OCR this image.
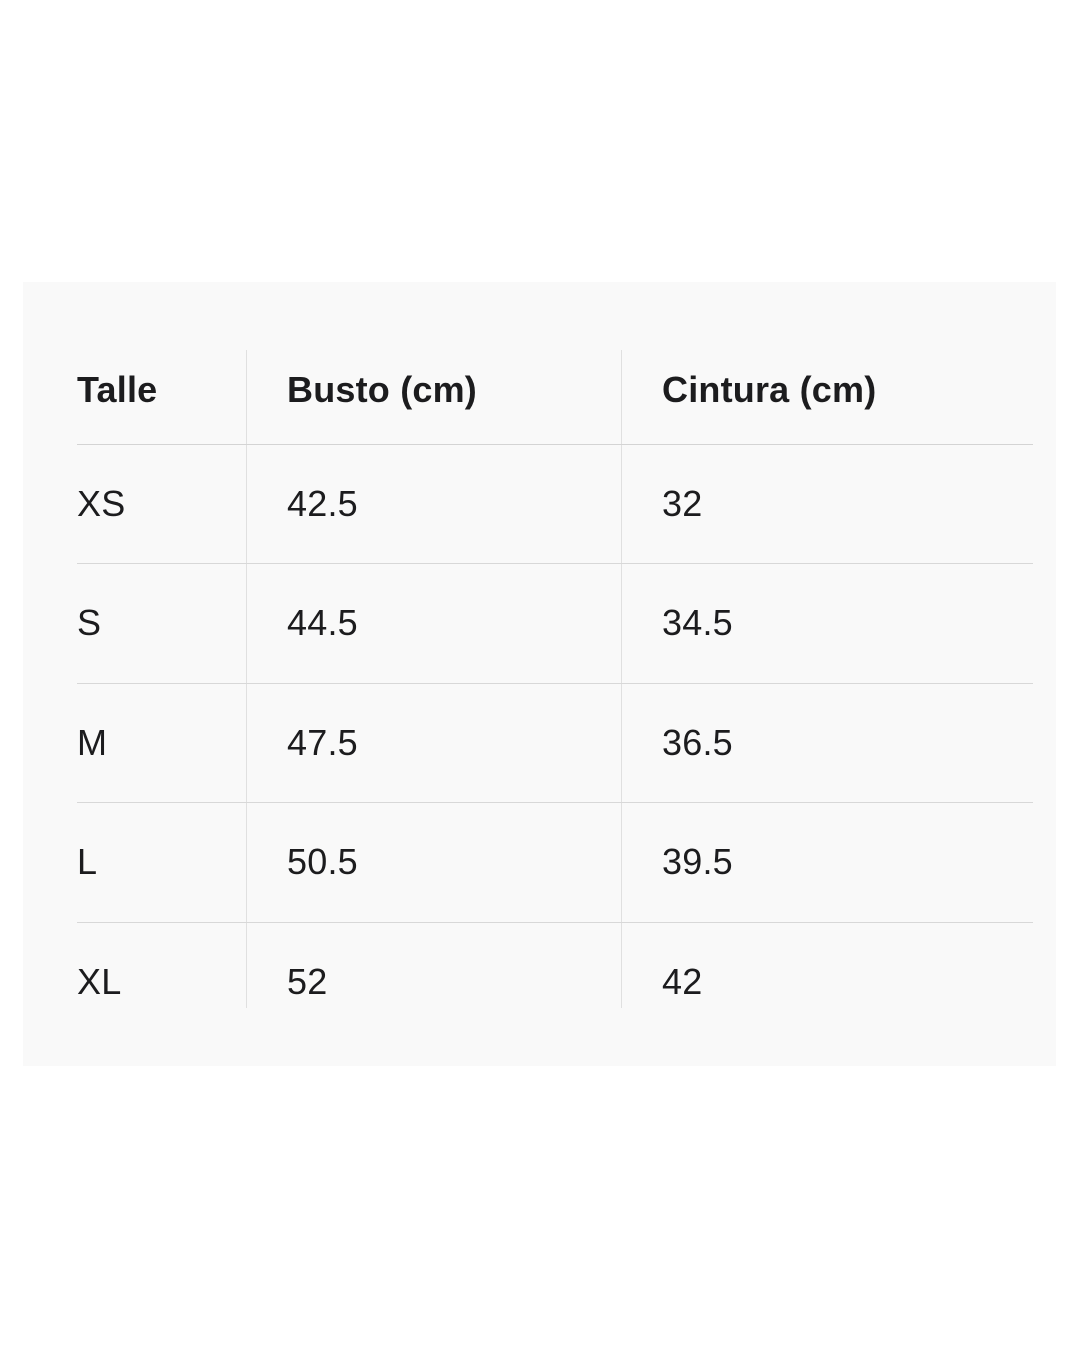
Talle	Busto (cm)	Cintura (cm)
XS	42.5	32
S	44.5	34.5
M	47.5	36.5
L	50.5	39.5
XL	52	42
